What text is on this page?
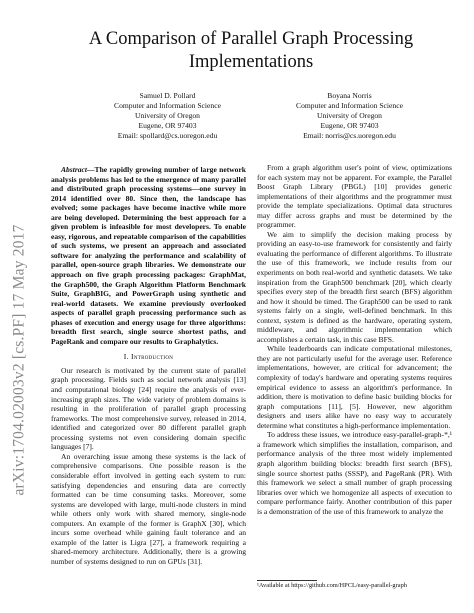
arXiv:1704.02003v2 [cs.PF] 17 May 2017
A Comparison of Parallel Graph Processing Implementations
Samuel D. Pollard
Computer and Information Science
University of Oregon
Eugene, OR 97403
Email: spollard@cs.uoregon.edu
Boyana Norris
Computer and Information Science
University of Oregon
Eugene, OR 97403
Email: norris@cs.uoregon.edu

Abstract—The rapidly growing number of large network analysis problems has led to the emergence of many parallel and distributed graph processing systems—one survey in 2014 identified over 80. Since then, the landscape has evolved; some packages have become inactive while more are being developed. Determining the best approach for a given problem is infeasible for most developers. To enable easy, rigorous, and repeatable comparison of the capabilities of such systems, we present an approach and associated software for analyzing the performance and scalability of parallel, open-source graph libraries. We demonstrate our approach on five graph processing packages: GraphMat, the Graph500, the Graph Algorithm Platform Benchmark Suite, GraphBIG, and PowerGraph using synthetic and real-world datasets. We examine previously overlooked aspects of parallel graph processing performance such as phases of execution and energy usage for three algorithms: breadth first search, single source shortest paths, and PageRank and compare our results to Graphalytics.

I. Introduction

Our research is motivated by the current state of parallel graph processing. Fields such as social network analysis [13] and computational biology [24] require the analysis of ever-increasing graph sizes. The wide variety of problem domains is resulting in the proliferation of parallel graph processing frameworks. The most comprehensive survey, released in 2014, identified and categorized over 80 different parallel graph processing systems not even considering domain specific languages [7].

An overarching issue among these systems is the lack of comprehensive comparisons. One possible reason is the considerable effort involved in getting each system to run: satisfying dependencies and ensuring data are correctly formatted can be time consuming tasks. Moreover, some systems are developed with large, multi-node clusters in mind while others only work with shared memory, single-node computers. An example of the former is GraphX [30], which incurs some overhead while gaining fault tolerance and an example of the latter is Ligra [27], a framework requiring a shared-memory architecture. Additionally, there is a growing number of systems designed to run on GPUs [31].

From a graph algorithm user's point of view, optimizations for each system may not be apparent. For example, the Parallel Boost Graph Library (PBGL) [10] provides generic implementations of their algorithms and the programmer must provide the template specializations. Optimal data structures may differ across graphs and must be determined by the programmer.

We aim to simplify the decision making process by providing an easy-to-use framework for consistently and fairly evaluating the performance of different algorithms. To illustrate the use of this framework, we include results from our experiments on both real-world and synthetic datasets. We take inspiration from the Graph500 benchmark [20], which clearly specifies every step of the breadth first search (BFS) algorithm and how it should be timed. The Graph500 can be used to rank systems fairly on a single, well-defined benchmark. In this context, system is defined as the hardware, operating system, middleware, and algorithmic implementation which accomplishes a certain task, in this case BFS.

While leaderboards can indicate computational milestones, they are not particularly useful for the average user. Reference implementations, however, are critical for advancement; the complexity of today's hardware and operating systems requires empirical evidence to assess an algorithm's performance. In addition, there is motivation to define basic building blocks for graph computations [11], [5]. However, new algorithm designers and users alike have no easy way to accurately determine what constitutes a high-performance implementation.

To address these issues, we introduce easy-parallel-graph-*,¹ a framework which simplifies the installation, comparison, and performance analysis of the three most widely implemented graph algorithm building blocks: breadth first search (BFS), single source shortest paths (SSSP), and PageRank (PR). With this framework we select a small number of graph processing libraries over which we homogenize all aspects of execution to compare performance fairly. Another contribution of this paper is a demonstration of the use of this framework to analyze the

¹Available at https://github.com/HPCL/easy-parallel-graph
